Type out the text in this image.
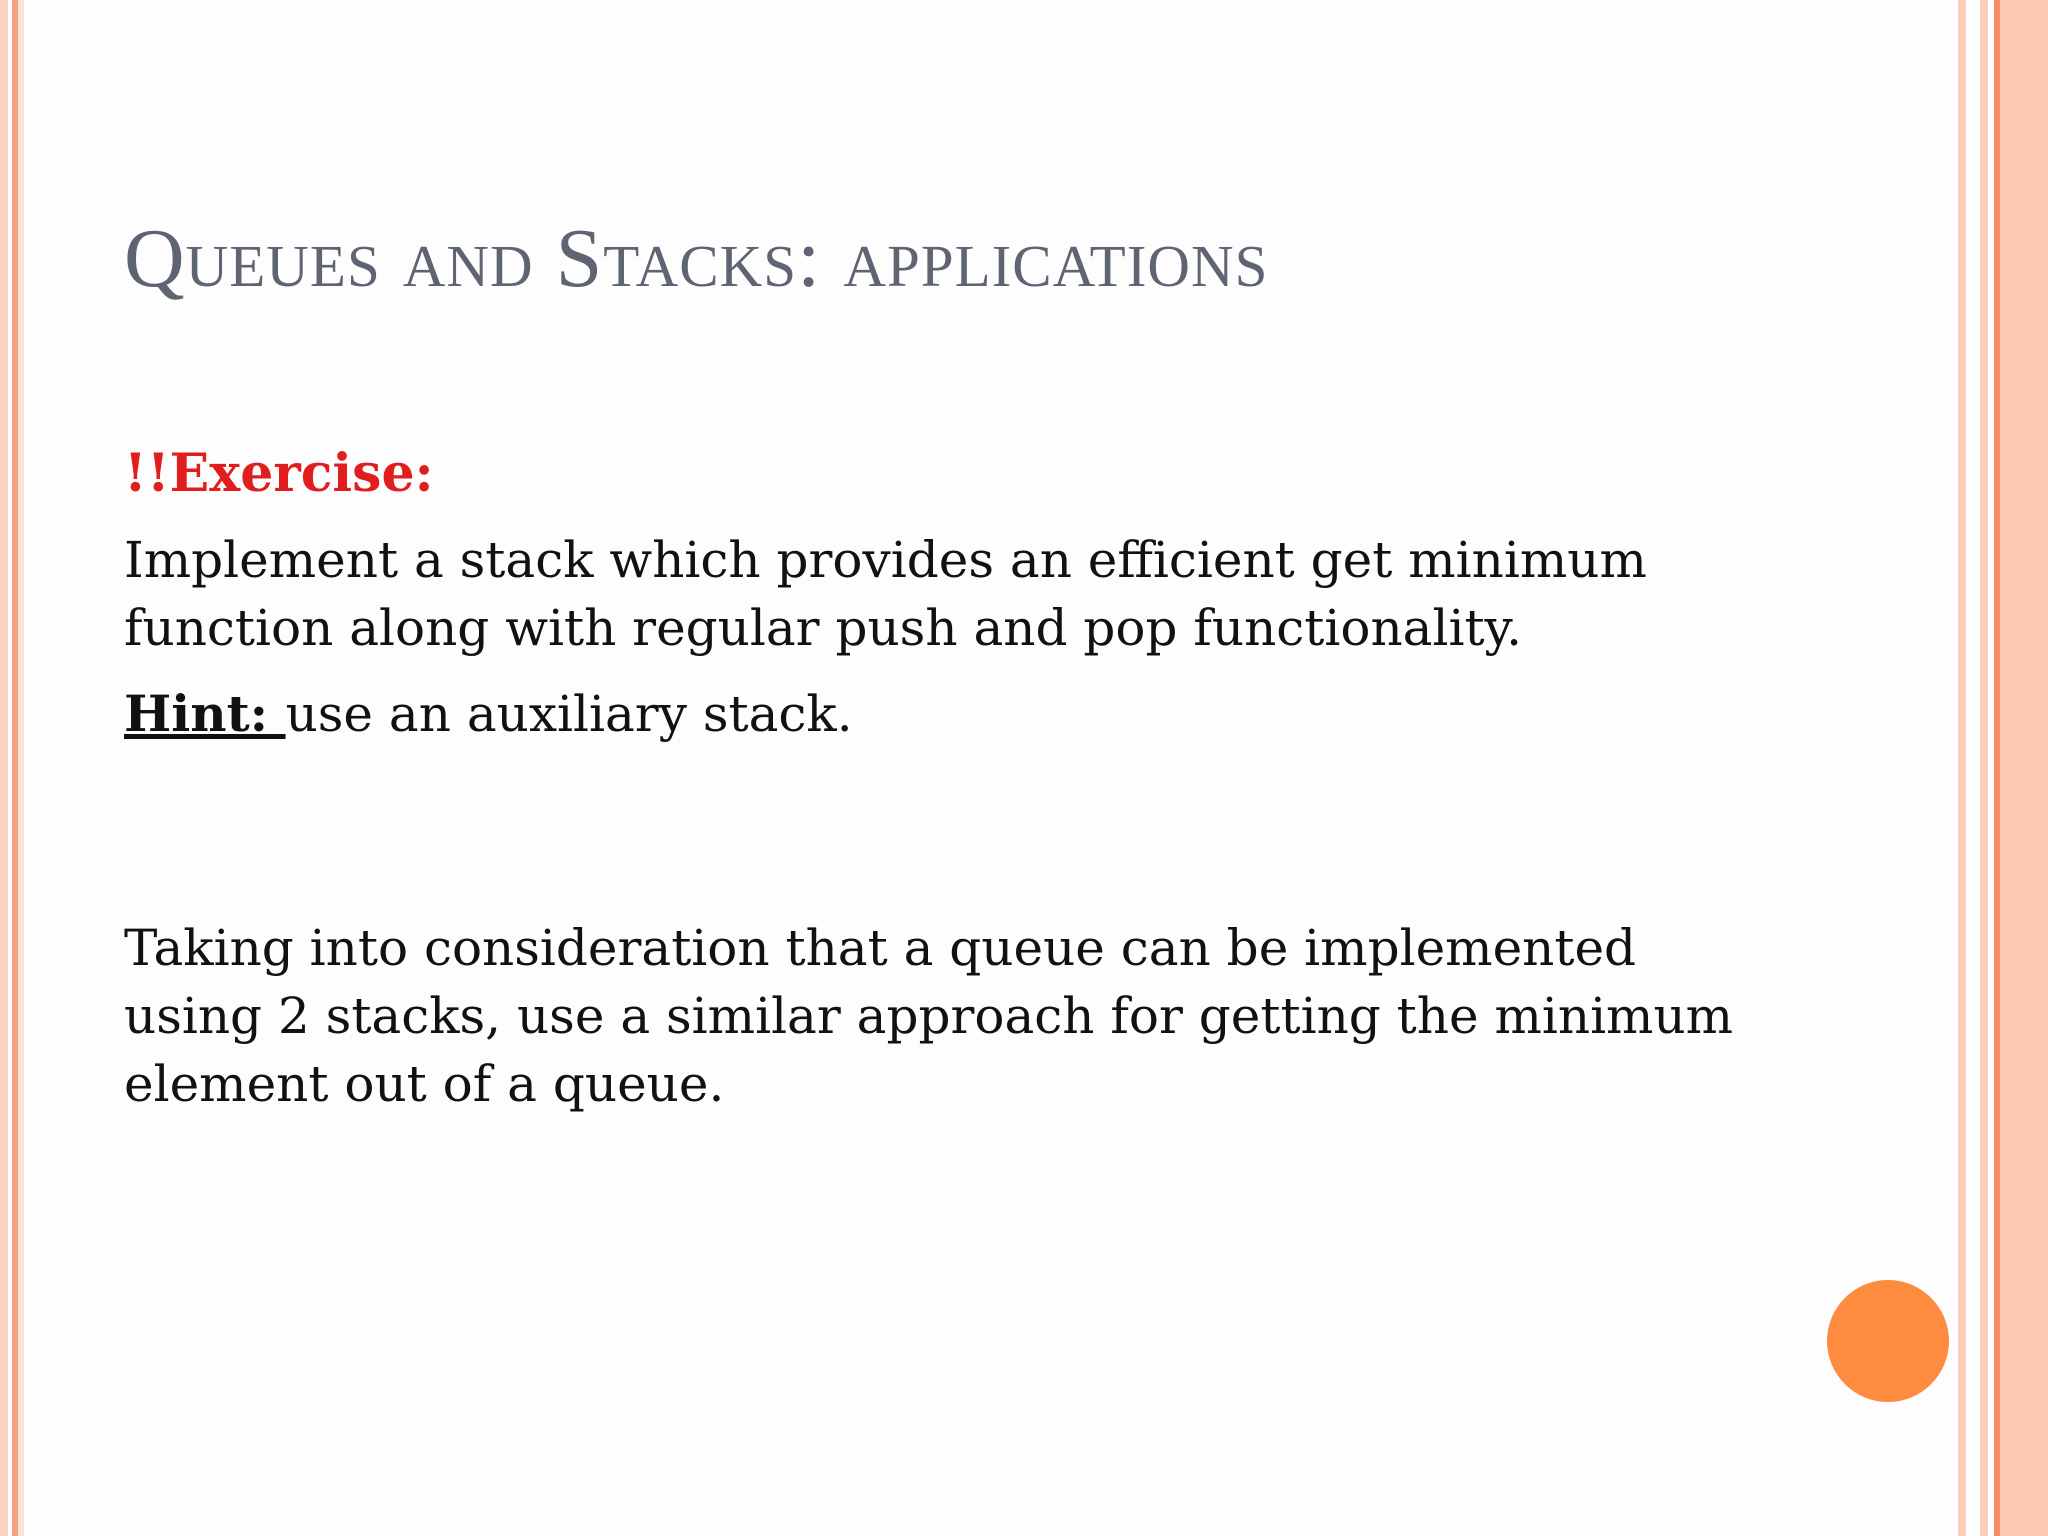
Queues and Stacks: applications

!!Exercise:

Implement a stack which provides an efficient get minimum function along with regular push and pop functionality.

Hint: use an auxiliary stack.

Taking into consideration that a queue can be implemented using 2 stacks, use a similar approach for getting the minimum element out of a queue.
